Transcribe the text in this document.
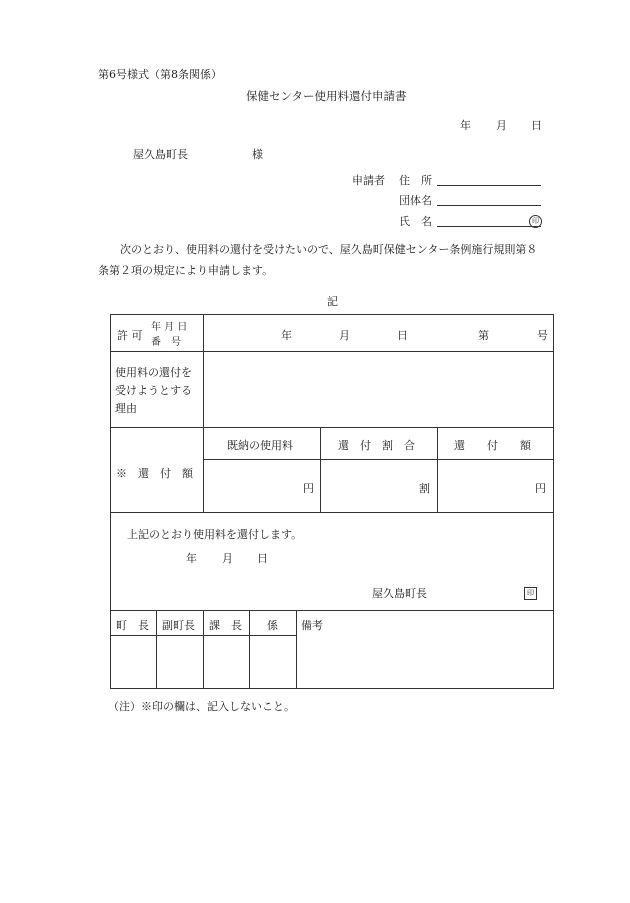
第6号様式（第8条関係）
保健センター使用料還付申請書
年 月 日
屋久島町長	様
申請者 住　所
団体名
氏　名	印
次のとおり、使用料の還付を受けたいので、屋久島町保健センター条例施行規則第８
条第２項の規定により申請します。
記
許 可
年 月 日
番　号
年	月	日	第	号
使用料の還付を
受けようとする
理由
※　還　付　額
既納の使用料	還　付　割　合	還　　付　　額
円	割	円
上記のとおり使用料を還付します。
年 月 日
屋久島町長	印
町　長 副町長 課　長 係 備考
（注）※印の欄は、記入しないこと。
